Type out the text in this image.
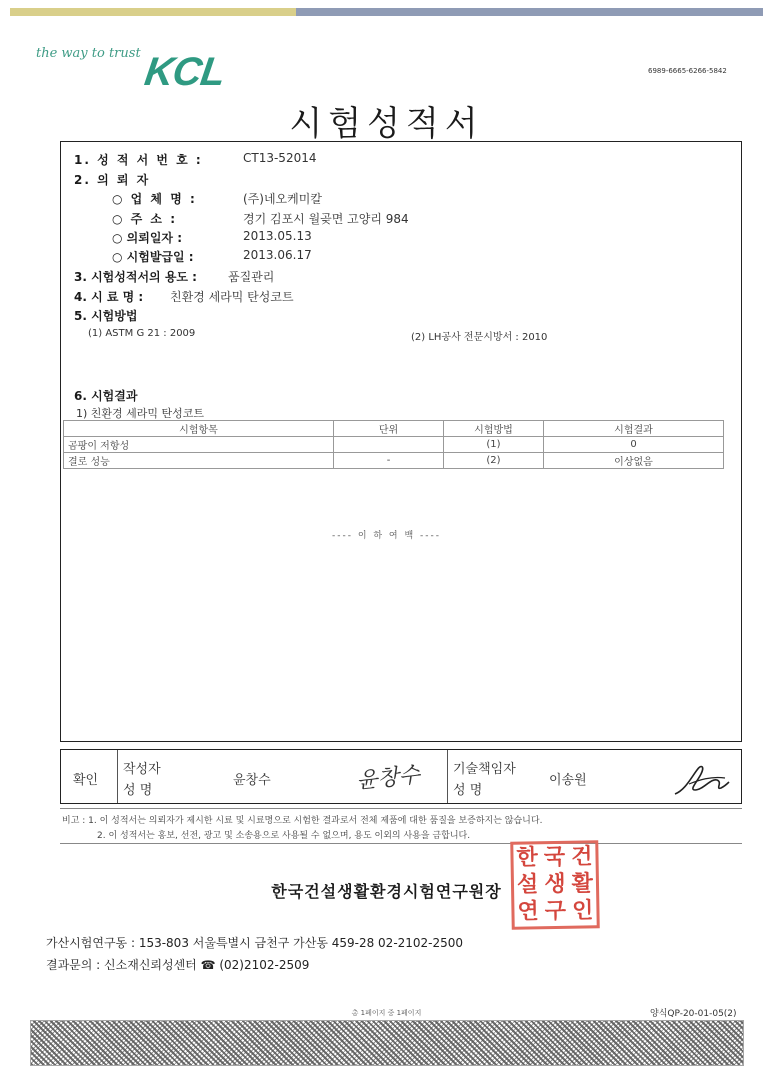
the way to trust KCL	6989-6665-6266-5842
시험성적서
1. 성 적 서 번 호 :	CT13-52014
2. 의 뢰 자
○ 업 체 명 :	(주)네오케미칼
○ 주 소 :	경기 김포시 월곶면 고양리 984
○ 의뢰일자 :	2013.05.13
○ 시험발급일 :	2013.06.17
3. 시험성적서의 용도 :	품질관리
4. 시 료 명 : 친환경 세라믹 탄성코트
5. 시험방법
(1) ASTM G 21 : 2009	(2) LH공사 전문시방서 : 2010
6. 시험결과
1) 친환경 세라믹 탄성코트
시험항목	단위	시험방법	시험결과
곰팡이 저항성		(1)	0
결로 성능	-	(2)	이상없음
---- 이 하 여 백 ----
확인
작성자
성 명
윤창수	윤창수 기술책임자
성 명
이송원
비고 : 1. 이 성적서는 의뢰자가 제시한 시료 및 시료명으로 시험한 결과로서 전체 제품에 대한 품질을 보증하지는 않습니다.
2. 이 성적서는 홍보, 선전, 광고 및 소송용으로 사용될 수 없으며, 용도 이외의 사용을 금합니다.
한국건설생활환경시험연구원장
한 국 건
설 생 활
연 구 인
가산시험연구동 : 153-803 서울특별시 금천구 가산동 459-28 02-2102-2500
결과문의 : 신소재신뢰성센터 ☎ (02)2102-2509
총 1페이지 중 1페이지	양식QP-20-01-05(2)
